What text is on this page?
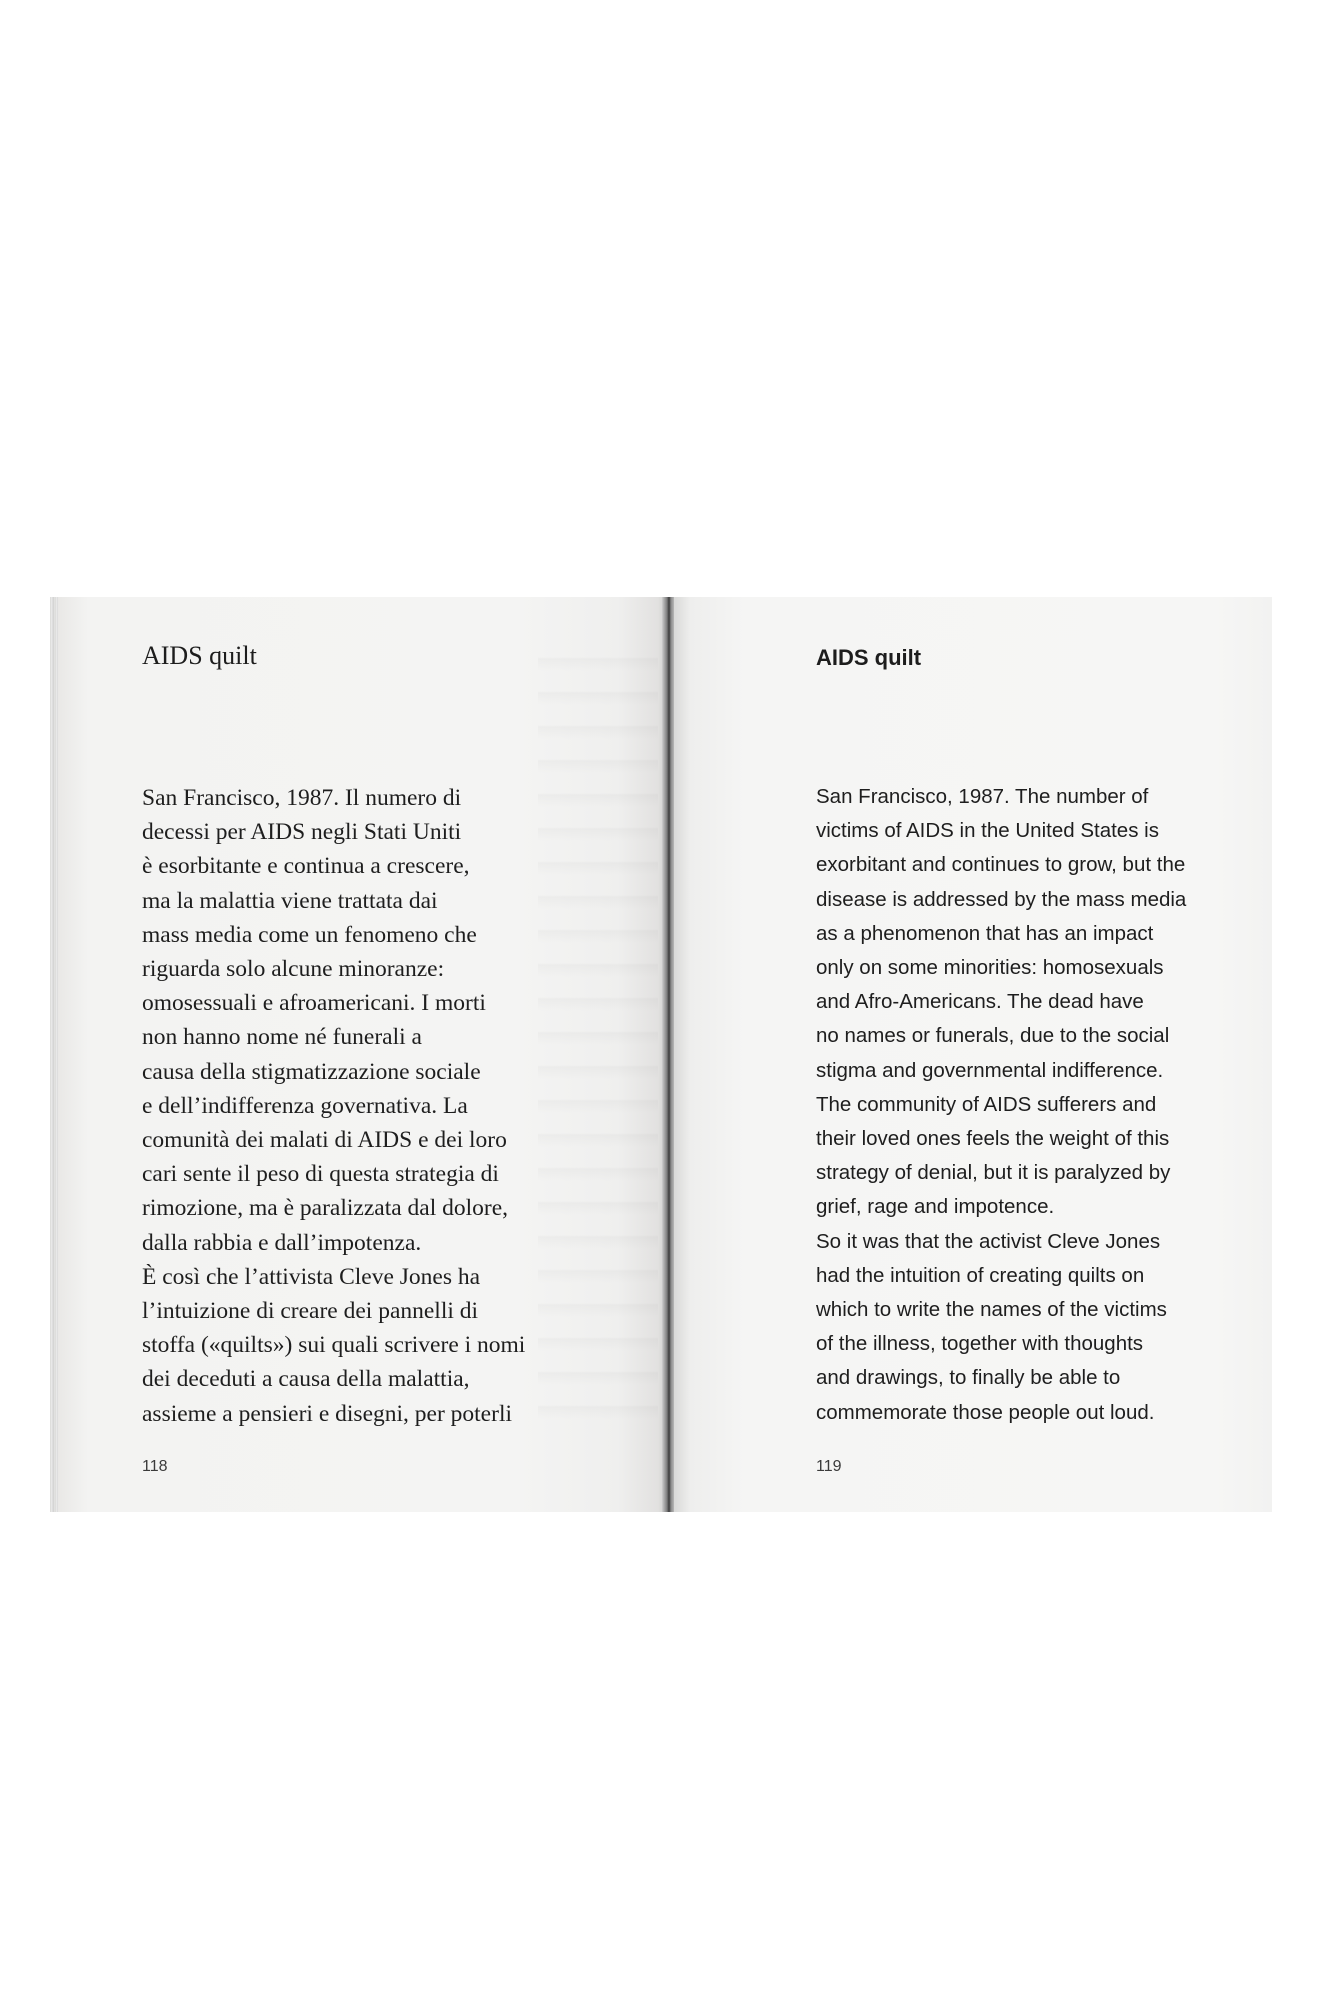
AIDS quilt
San Francisco, 1987. Il numero di
decessi per AIDS negli Stati Uniti
è esorbitante e continua a crescere,
ma la malattia viene trattata dai
mass media come un fenomeno che
riguarda solo alcune minoranze:
omosessuali e afroamericani. I morti
non hanno nome né funerali a
causa della stigmatizzazione sociale
e dell’indifferenza governativa. La
comunità dei malati di AIDS e dei loro
cari sente il peso di questa strategia di
rimozione, ma è paralizzata dal dolore,
dalla rabbia e dall’impotenza.
È così che l’attivista Cleve Jones ha
l’intuizione di creare dei pannelli di
stoffa («quilts») sui quali scrivere i nomi
dei deceduti a causa della malattia,
assieme a pensieri e disegni, per poterli
118
AIDS quilt
San Francisco, 1987. The number of
victims of AIDS in the United States is
exorbitant and continues to grow, but the
disease is addressed by the mass media
as a phenomenon that has an impact
only on some minorities: homosexuals
and Afro-Americans. The dead have
no names or funerals, due to the social
stigma and governmental indifference.
The community of AIDS sufferers and
their loved ones feels the weight of this
strategy of denial, but it is paralyzed by
grief, rage and impotence.
So it was that the activist Cleve Jones
had the intuition of creating quilts on
which to write the names of the victims
of the illness, together with thoughts
and drawings, to finally be able to
commemorate those people out loud.
119
